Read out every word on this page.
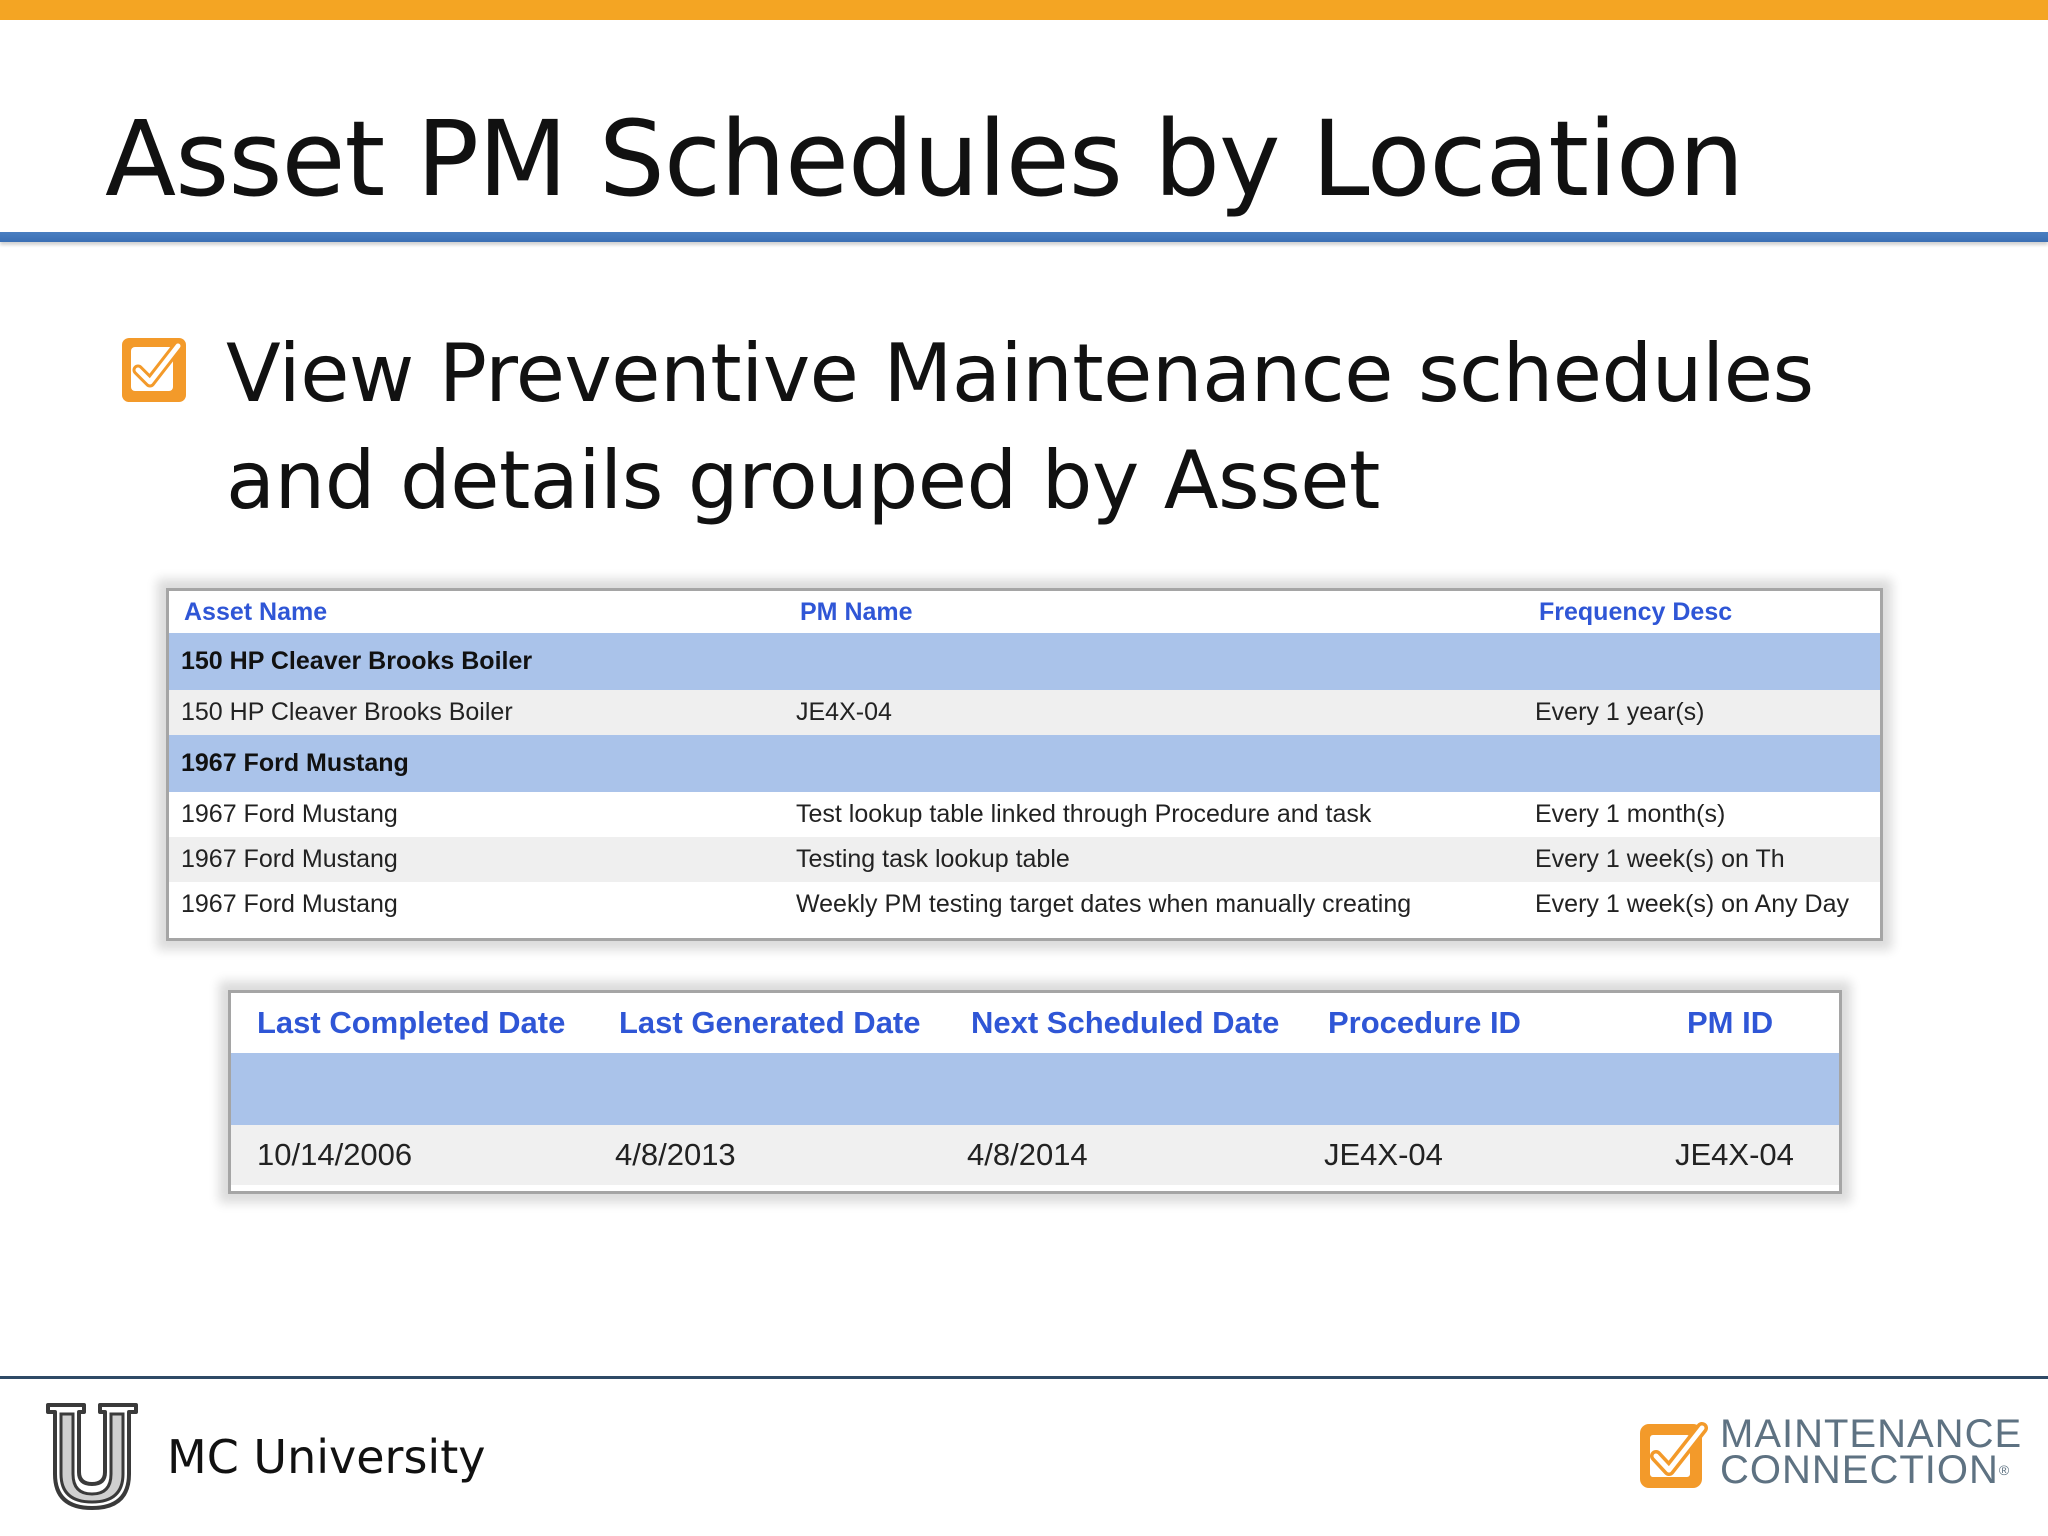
Asset PM Schedules by Location
View Preventive Maintenance schedules and details grouped by Asset
Asset Name	PM Name	Frequency Desc
150 HP Cleaver Brooks Boiler		
150 HP Cleaver Brooks Boiler	JE4X-04	Every 1 year(s)
1967 Ford Mustang		
1967 Ford Mustang	Test lookup table linked through Procedure and task	Every 1 month(s)
1967 Ford Mustang	Testing task lookup table	Every 1 week(s) on Th
1967 Ford Mustang	Weekly PM testing target dates when manually creating	Every 1 week(s) on Any Day
Last Completed Date	Last Generated Date	Next Scheduled Date	Procedure ID	PM ID

10/14/2006	4/8/2013	4/8/2014	JE4X-04	JE4X-04
MC University	MAINTENANCE
CONNECTION®
